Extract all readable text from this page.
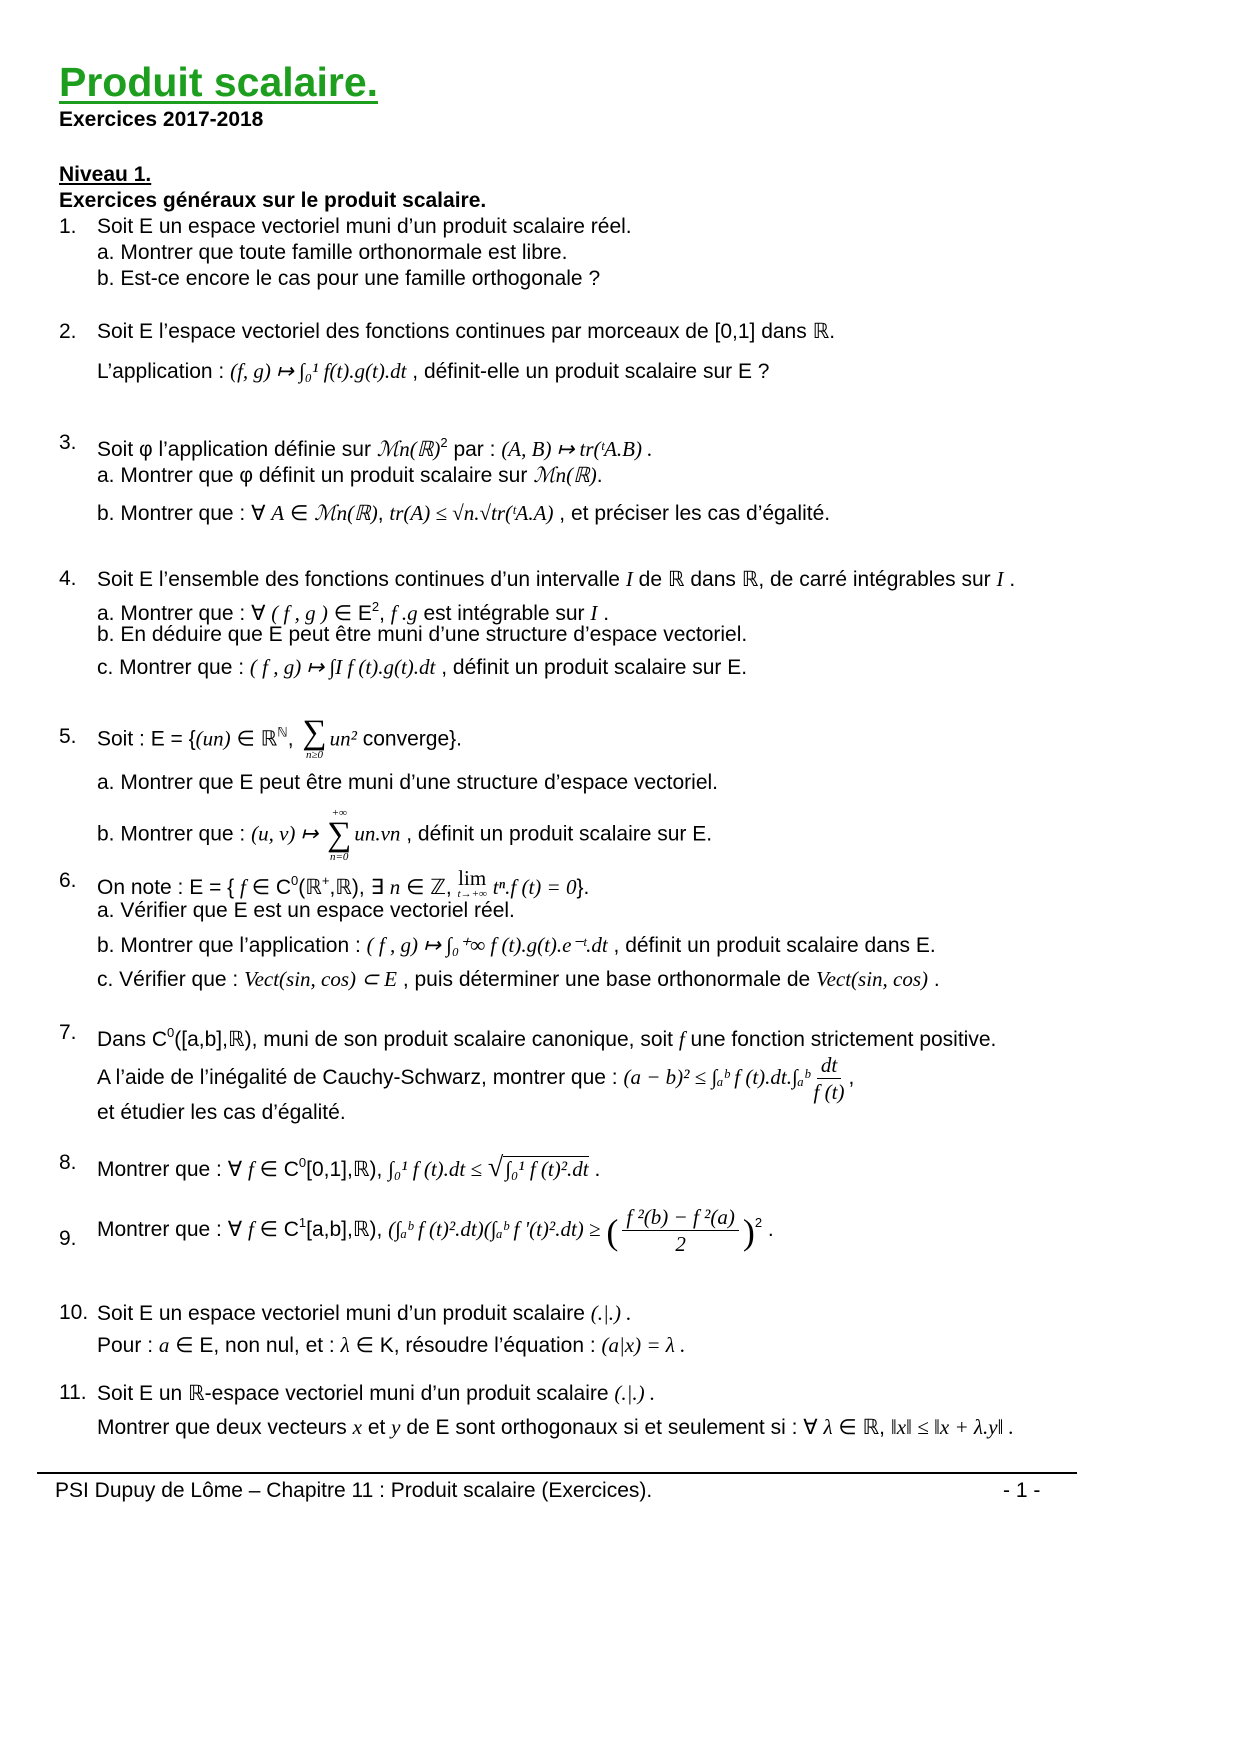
Produit scalaire.
Exercices 2017-2018
Niveau 1.
Exercices généraux sur le produit scalaire.
1. Soit E un espace vectoriel muni d’un produit scalaire réel.
a. Montrer que toute famille orthonormale est libre.
b. Est-ce encore le cas pour une famille orthogonale ?
2. Soit E l’espace vectoriel des fonctions continues par morceaux de [0,1] dans ℝ.
L’application : (f, g) ↦ ∫₀¹ f(t).g(t).dt , définit-elle un produit scalaire sur E ?
3. Soit φ l’application définie sur ℳn(ℝ)$^2$ par : (A, B) ↦ tr(ᵗA.B) .
a. Montrer que φ définit un produit scalaire sur ℳn(ℝ).
b. Montrer que : ∀ A ∈ ℳn(ℝ), tr(A) ≤ √n.√tr(ᵗA.A) , et préciser les cas d’égalité.
4. Soit E l’ensemble des fonctions continues d’un intervalle I de ℝ dans ℝ, de carré intégrables sur I .
a. Montrer que : ∀ ( f , g ) ∈ $E^2$, f .g est intégrable sur I .
b. En déduire que E peut être muni d’une structure d’espace vectoriel.
c. Montrer que : ( f , g) ↦ ∫I f (t).g(t).dt , définit un produit scalaire sur E.
5. Soit : E = {(un) ∈ ℝ$^ℕ$, ∑
n≥0
un² converge}.
a. Montrer que E peut être muni d’une structure d’espace vectoriel.
b. Montrer que : (u, v) ↦
+∞
∑
n=0
un.vn , définit un produit scalaire sur E.
6. On note : E = { f ∈ $C^0(ℝ^+,ℝ)$, ∃ n ∈ ℤ, lim
t→+∞ tⁿ.f (t) = 0}.
a. Vérifier que E est un espace vectoriel réel.
b. Montrer que l’application : ( f , g) ↦ ∫₀⁺∞ f (t).g(t).e⁻ᵗ.dt , définit un produit scalaire dans E.
c. Vérifier que : Vect(sin, cos) ⊂ E , puis déterminer une base orthonormale de Vect(sin, cos) .
7. Dans $C^0([a,b],ℝ)$, muni de son produit scalaire canonique, soit f une fonction strictement positive.
A l’aide de l’inégalité de Cauchy-Schwarz, montrer que : (a − b)² ≤ ∫ₐᵇ f (t).dt.∫ₐᵇ $\frac{dt}{f (t)}$ ,
et étudier les cas d’égalité.
8. Montrer que : ∀ f ∈ $C^0[0,1],ℝ$), ∫₀¹ f (t).dt ≤ √∫₀¹ f (t)².dt .
9. Montrer que : ∀ f ∈ $C^1[a,b],ℝ$), (∫ₐᵇ f (t)².dt)(∫ₐᵇ f '(t)².dt) ≥ ( $\frac{\text{f ²(b) − f ²(a)}}{2} )^2$ .
10. Soit E un espace vectoriel muni d’un produit scalaire (.|.) .
PSI Dupuy de Lôme – Chapitre 11 : Produit scalaire (Exercices).	- 1 -
Pour : a ∈ E, non nul, et : λ ∈ K, résoudre l’équation : (a|x) = λ .
11. Soit E un ℝ-espace vectoriel muni d’un produit scalaire (.|.) .
Montrer que deux vecteurs x et y de E sont orthogonaux si et seulement si : ∀ λ ∈ ℝ, ‖x‖ ≤ ‖x + λ.y‖ .
